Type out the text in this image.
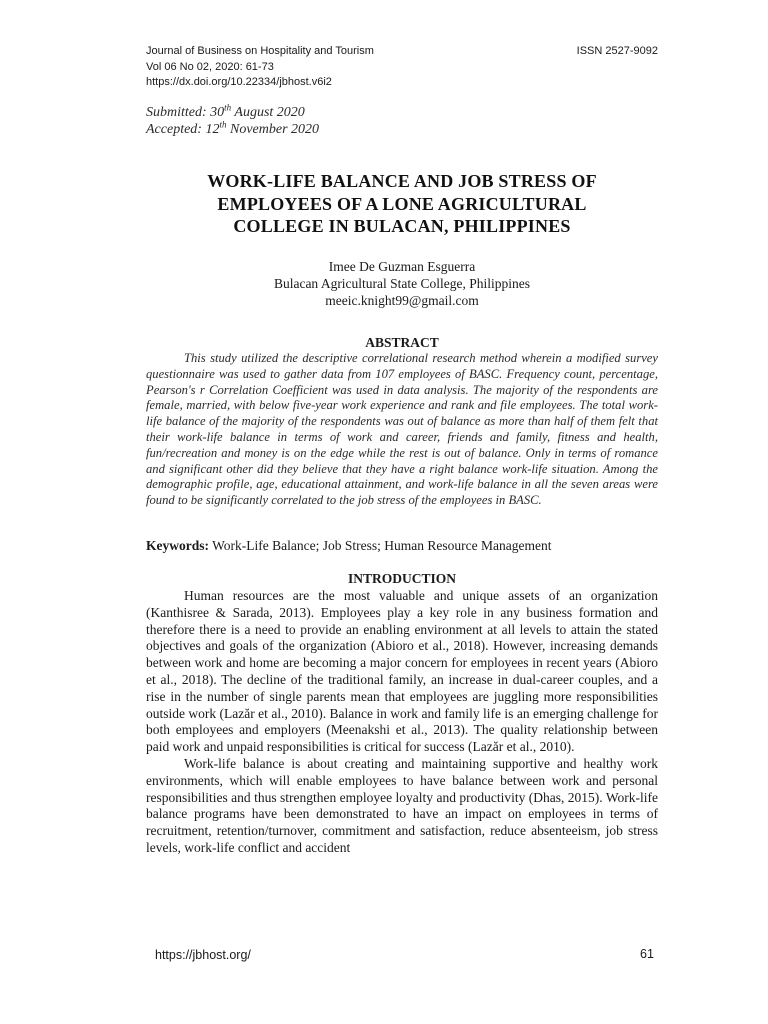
Journal of Business on Hospitality and Tourism	ISSN 2527-9092
Vol 06 No 02, 2020: 61-73
https://dx.doi.org/10.22334/jbhost.v6i2
Submitted: 30th August 2020
Accepted: 12th November 2020
WORK-LIFE BALANCE AND JOB STRESS OF
EMPLOYEES OF A LONE AGRICULTURAL
COLLEGE IN BULACAN, PHILIPPINES
Imee De Guzman Esguerra
Bulacan Agricultural State College, Philippines
meeic.knight99@gmail.com
ABSTRACT
This study utilized the descriptive correlational research method wherein a modified survey questionnaire was used to gather data from 107 employees of BASC. Frequency count, percentage, Pearson's r Correlation Coefficient was used in data analysis. The majority of the respondents are female, married, with below five-year work experience and rank and file employees. The total work-life balance of the majority of the respondents was out of balance as more than half of them felt that their work-life balance in terms of work and career, friends and family, fitness and health, fun/recreation and money is on the edge while the rest is out of balance. Only in terms of romance and significant other did they believe that they have a right balance work-life situation. Among the demographic profile, age, educational attainment, and work-life balance in all the seven areas were found to be significantly correlated to the job stress of the employees in BASC.
Keywords: Work-Life Balance; Job Stress; Human Resource Management
INTRODUCTION

Human resources are the most valuable and unique assets of an organization (Kanthisree & Sarada, 2013). Employees play a key role in any business formation and therefore there is a need to provide an enabling environment at all levels to attain the stated objectives and goals of the organization (Abioro et al., 2018). However, increasing demands between work and home are becoming a major concern for employees in recent years (Abioro et al., 2018). The decline of the traditional family, an increase in dual-career couples, and a rise in the number of single parents mean that employees are juggling more responsibilities outside work (Lazăr et al., 2010). Balance in work and family life is an emerging challenge for both employees and employers (Meenakshi et al., 2013). The quality relationship between paid work and unpaid responsibilities is critical for success (Lazăr et al., 2010).

Work-life balance is about creating and maintaining supportive and healthy work environments, which will enable employees to have balance between work and personal responsibilities and thus strengthen employee loyalty and productivity (Dhas, 2015). Work-life balance programs have been demonstrated to have an impact on employees in terms of recruitment, retention/turnover, commitment and satisfaction, reduce absenteeism, job stress levels, work-life conflict and accident

https://jbhost.org/	61
